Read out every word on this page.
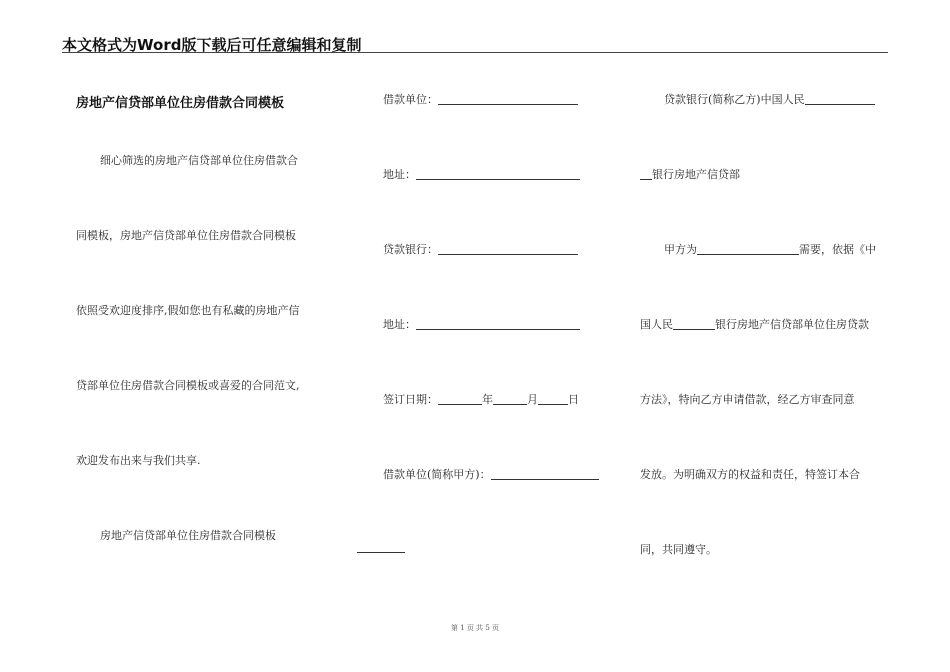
本文格式为Word版下载后可任意编辑和复制
房地产信贷部单位住房借款合同模板
细心筛选的房地产信贷部单位住房借款合
同模板，房地产信贷部单位住房借款合同模板
依照受欢迎度排序,假如您也有私藏的房地产信
贷部单位住房借款合同模板或喜爱的合同范文,
欢迎发布出来与我们共享.
房地产信贷部单位住房借款合同模板
借款单位：
地址：
贷款银行：
地址：
签订日期：	年	月	日
借款单位(简称甲方)：
贷款银行(简称乙方)中国人民
银行房地产信贷部
甲方为	需要，依据《中
国人民	银行房地产信贷部单位住房贷款
方法》，特向乙方申请借款，经乙方审查同意
发放。为明确双方的权益和责任，特签订本合
同，共同遵守。
第 1 页 共 5 页
